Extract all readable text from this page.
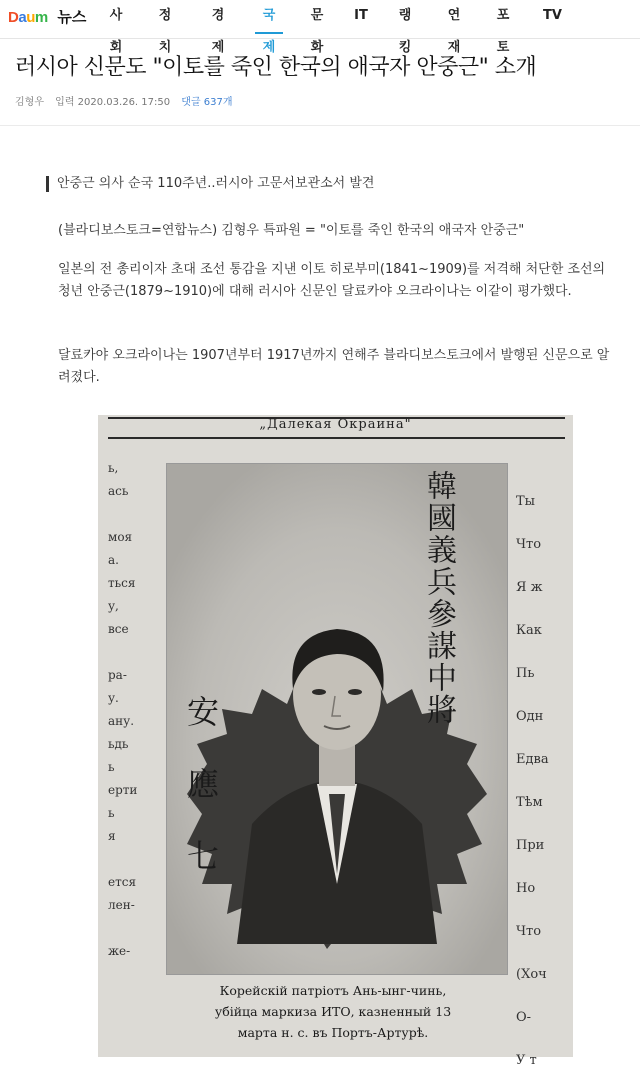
Daum 뉴스	사회
정치
경제
국제
문화
IT	랭킹
연재
포토
TV
러시아 신문도 "이토를 죽인 한국의 애국자 안중근" 소개
김형우 입력 2020.03.26. 17:50 댓글 637개
안중근 의사 순국 110주년..러시아 고문서보관소서 발견
(블라디보스토크=연합뉴스) 김형우 특파원 = "이토를 죽인 한국의 애국자 안중근"
일본의 전 총리이자 초대 조선 통감을 지낸 이토 히로부미(1841~1909)를 저격해 처단한 조선의 청년 안중근(1879~1910)에 대해 러시아 신문인 달료카야 오크라이나는 이같이 평가했다.
달료카야 오크라이나는 1907년부터 1917년까지 연해주 블라디보스토크에서 발행된 신문으로 알려졌다.
„Далекая Окраина"
ь,
ась

моя
а.
ться
у,
все

ра-
у.
ану.
ьдь
ь
ерти
ь
я

ется
лен-

же-
Ты
Что
Я ж
Как
Пь
Одн
Едва
Тѣм
При
Но
Что
(Хоч
О-
У т
韓國義兵參謀中將
安應七
Корейскій патріотъ Ань-ынг-чинь,
убійца маркиза ИТО, казненный 13
марта н. с. въ Портъ-Артурѣ.
